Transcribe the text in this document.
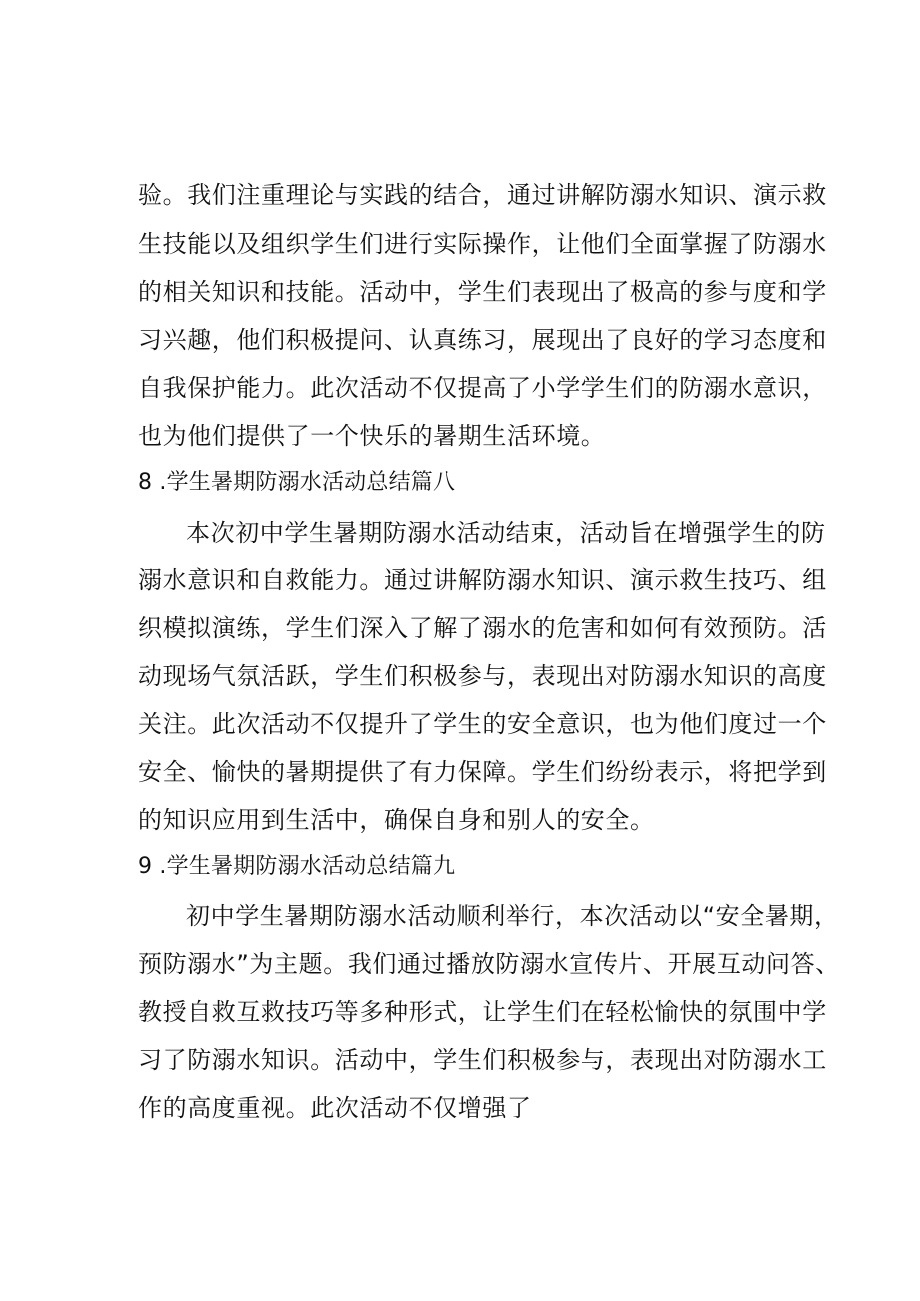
验。我们注重理论与实践的结合，通过讲解防溺水知识、演示救
生技能以及组织学生们进行实际操作，让他们全面掌握了防溺水
的相关知识和技能。活动中，学生们表现出了极高的参与度和学
习兴趣，他们积极提问、认真练习，展现出了良好的学习态度和
自我保护能力。此次活动不仅提高了小学学生们的防溺水意识，
也为他们提供了一个快乐的暑期生活环境。
8 .学生暑期防溺水活动总结篇八
本次初中学生暑期防溺水活动结束，活动旨在增强学生的防
溺水意识和自救能力。通过讲解防溺水知识、演示救生技巧、组
织模拟演练，学生们深入了解了溺水的危害和如何有效预防。活
动现场气氛活跃，学生们积极参与，表现出对防溺水知识的高度
关注。此次活动不仅提升了学生的安全意识，也为他们度过一个
安全、愉快的暑期提供了有力保障。学生们纷纷表示，将把学到
的知识应用到生活中，确保自身和别人的安全。
9 .学生暑期防溺水活动总结篇九
初中学生暑期防溺水活动顺利举行，本次活动以“安全暑期，
预防溺水”为主题。我们通过播放防溺水宣传片、开展互动问答、
教授自救互救技巧等多种形式，让学生们在轻松愉快的氛围中学
习了防溺水知识。活动中，学生们积极参与，表现出对防溺水工
作的高度重视。此次活动不仅增强了
